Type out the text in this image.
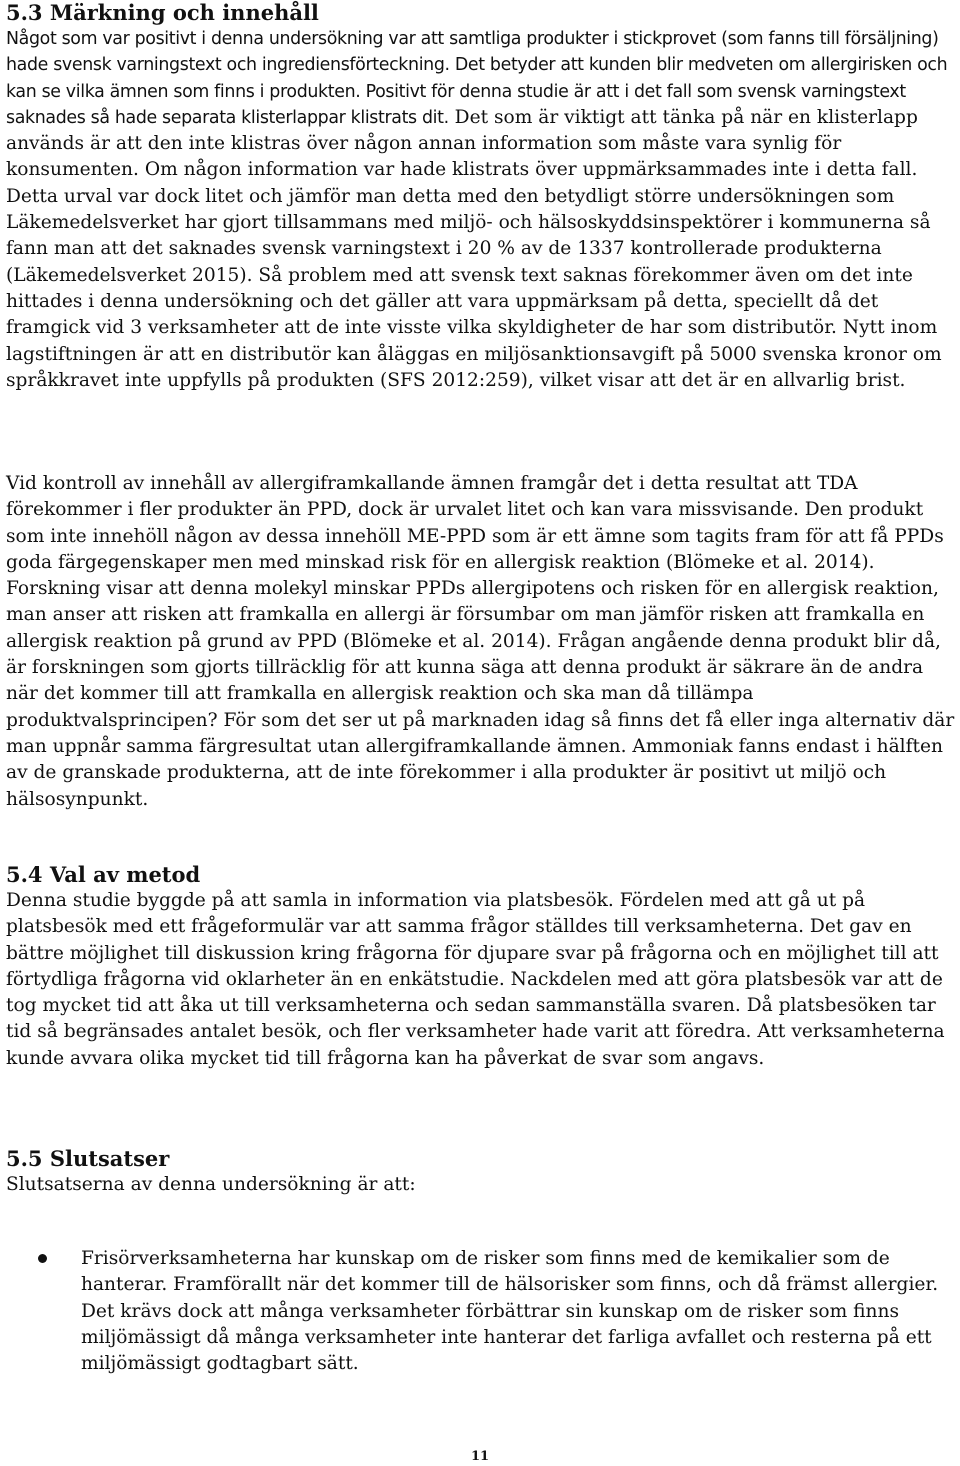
5.3 Märkning och innehåll

Något som var positivt i denna undersökning var att samtliga produkter i stickprovet (som fanns till försäljning) hade svensk varningstext och ingrediensförteckning. Det betyder att kunden blir medveten om allergirisken och kan se vilka ämnen som finns i produkten. Positivt för denna studie är att i det fall som svensk varningstext saknades så hade separata klisterlappar klistrats dit. Det som är viktigt att tänka på när en klisterlapp används är att den inte klistras över någon annan information som måste vara synlig för konsumenten. Om någon information var hade klistrats över uppmärksammades inte i detta fall. Detta urval var dock litet och jämför man detta med den betydligt större undersökningen som Läkemedelsverket har gjort tillsammans med miljö- och hälsoskyddsinspektörer i kommunerna så fann man att det saknades svensk varningstext i 20 % av de 1337 kontrollerade produkterna (Läkemedelsverket 2015). Så problem med att svensk text saknas förekommer även om det inte hittades i denna undersökning och det gäller att vara uppmärksam på detta, speciellt då det framgick vid 3 verksamheter att de inte visste vilka skyldigheter de har som distributör. Nytt inom lagstiftningen är att en distributör kan åläggas en miljösanktionsavgift på 5000 svenska kronor om språkkravet inte uppfylls på produkten (SFS 2012:259), vilket visar att det är en allvarlig brist.

Vid kontroll av innehåll av allergiframkallande ämnen framgår det i detta resultat att TDA förekommer i fler produkter än PPD, dock är urvalet litet och kan vara missvisande. Den produkt som inte innehöll någon av dessa innehöll ME-PPD som är ett ämne som tagits fram för att få PPDs goda färgegenskaper men med minskad risk för en allergisk reaktion (Blömeke et al. 2014). Forskning visar att denna molekyl minskar PPDs allergipotens och risken för en allergisk reaktion, man anser att risken att framkalla en allergi är försumbar om man jämför risken att framkalla en allergisk reaktion på grund av PPD (Blömeke et al. 2014). Frågan angående denna produkt blir då, är forskningen som gjorts tillräcklig för att kunna säga att denna produkt är säkrare än de andra när det kommer till att framkalla en allergisk reaktion och ska man då tillämpa produktvalsprincipen? För som det ser ut på marknaden idag så finns det få eller inga alternativ där man uppnår samma färgresultat utan allergiframkallande ämnen. Ammoniak fanns endast i hälften av de granskade produkterna, att de inte förekommer i alla produkter är positivt ut miljö och hälsosynpunkt.

5.4 Val av metod

Denna studie byggde på att samla in information via platsbesök. Fördelen med att gå ut på platsbesök med ett frågeformulär var att samma frågor ställdes till verksamheterna. Det gav en bättre möjlighet till diskussion kring frågorna för djupare svar på frågorna och en möjlighet till att förtydliga frågorna vid oklarheter än en enkätstudie. Nackdelen med att göra platsbesök var att de tog mycket tid att åka ut till verksamheterna och sedan sammanställa svaren. Då platsbesöken tar tid så begränsades antalet besök, och fler verksamheter hade varit att föredra. Att verksamheterna kunde avvara olika mycket tid till frågorna kan ha påverkat de svar som angavs.

5.5 Slutsatser

Slutsatserna av denna undersökning är att:

Frisörverksamheterna har kunskap om de risker som finns med de kemikalier som de hanterar. Framförallt när det kommer till de hälsorisker som finns, och då främst allergier. Det krävs dock att många verksamheter förbättrar sin kunskap om de risker som finns miljömässigt då många verksamheter inte hanterar det farliga avfallet och resterna på ett miljömässigt godtagbart sätt.

11
